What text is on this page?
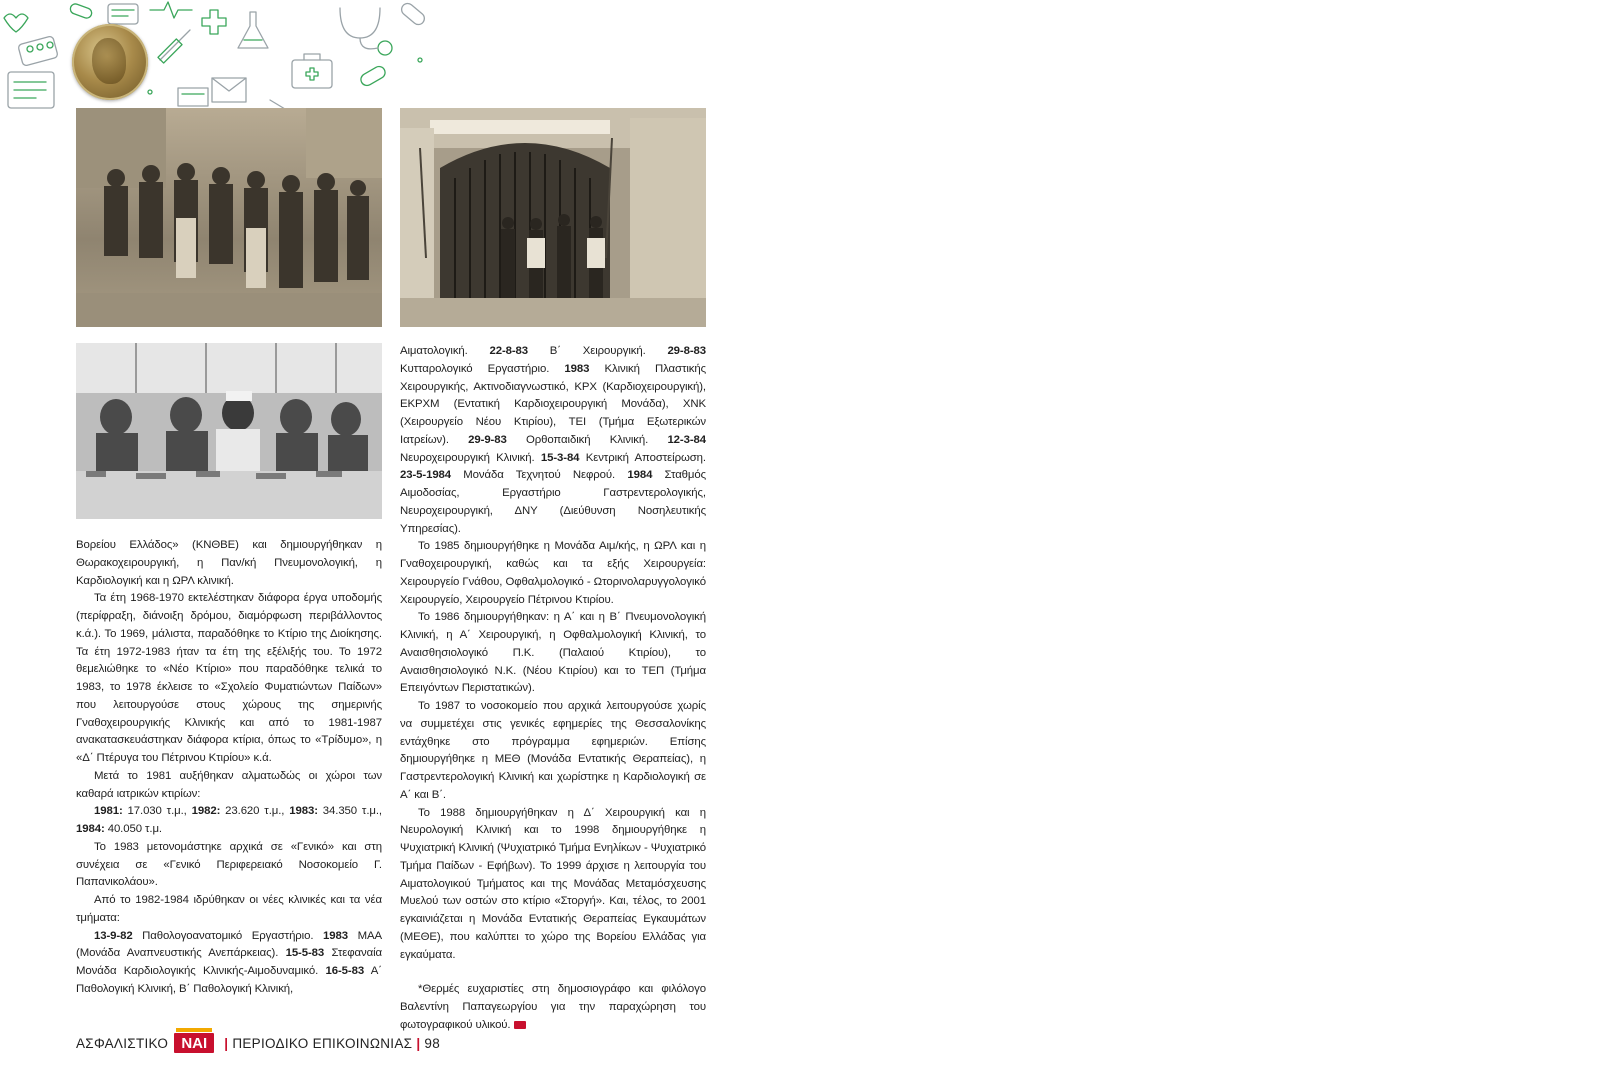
Βορείου Ελλάδος» (ΚΝΘΒΕ) και δημιουργήθηκαν η Θωρακοχειρουργική, η Παν/κή Πνευμονολογική, η Καρδιολογική και η ΩΡΛ κλινική.

Τα έτη 1968-1970 εκτελέστηκαν διάφορα έργα υποδομής (περίφραξη, διάνοιξη δρόμου, διαμόρφωση περιβάλλοντος κ.ά.). Το 1969, μάλιστα, παραδόθηκε το Κτίριο της Διοίκησης. Τα έτη 1972-1983 ήταν τα έτη της εξέλιξής του. Το 1972 θεμελιώθηκε το «Νέο Κτίριο» που παραδόθηκε τελικά το 1983, το 1978 έκλεισε το «Σχολείο Φυματιώντων Παίδων» που λειτουργούσε στους χώρους της σημερινής Γναθοχειρουργικής Κλινικής και από το 1981-1987 ανακατασκευάστηκαν διάφορα κτίρια, όπως το «Τρίδυμο», η «Δ΄ Πτέρυγα του Πέτρινου Κτιρίου» κ.ά.

Μετά το 1981 αυξήθηκαν αλματωδώς οι χώροι των καθαρά ιατρικών κτιρίων:

1981: 17.030 τ.μ., 1982: 23.620 τ.μ., 1983: 34.350 τ.μ., 1984: 40.050 τ.μ.

Το 1983 μετονομάστηκε αρχικά σε «Γενικό» και στη συνέχεια σε «Γενικό Περιφερειακό Νοσοκομείο Γ. Παπανικολάου».

Από το 1982-1984 ιδρύθηκαν οι νέες κλινικές και τα νέα τμήματα:

13-9-82 Παθολογοανατομικό Εργαστήριο. 1983 ΜΑΑ (Μονάδα Αναπνευστικής Ανεπάρκειας). 15-5-83 Στεφαναία Μονάδα Καρδιολογικής Κλινικής-Αιμοδυναμικό. 16-5-83 Α΄ Παθολογική Κλινική, Β΄ Παθολογική Κλινική,

Αιματολογική. 22-8-83 Β΄ Χειρουργική. 29-8-83 Κυτταρολογικό Εργαστήριο. 1983 Κλινική Πλαστικής Χειρουργικής, Ακτινοδιαγνωστικό, ΚΡΧ (Καρδιοχειρουργική), ΕΚΡΧΜ (Εντατική Καρδιοχειρουργική Μονάδα), ΧΝΚ (Χειρουργείο Νέου Κτιρίου), ΤΕΙ (Τμήμα Εξωτερικών Ιατρείων). 29-9-83 Ορθοπαιδική Κλινική. 12-3-84 Νευροχειρουργική Κλινική. 15-3-84 Κεντρική Αποστείρωση. 23-5-1984 Μονάδα Τεχνητού Νεφρού. 1984 Σταθμός Αιμοδοσίας, Εργαστήριο Γαστρεντερολογικής, Νευροχειρουργική, ΔΝΥ (Διεύθυνση Νοσηλευτικής Υπηρεσίας).

Το 1985 δημιουργήθηκε η Μονάδα Αιμ/κής, η ΩΡΛ και η Γναθοχειρουργική, καθώς και τα εξής Χειρουργεία: Χειρουργείο Γνάθου, Οφθαλμολογικό - Ωτορινολαρυγγολογικό Χειρουργείο, Χειρουργείο Πέτρινου Κτιρίου.

Το 1986 δημιουργήθηκαν: η Α΄ και η Β΄ Πνευμονολογική Κλινική, η Α΄ Χειρουργική, η Οφθαλμολογική Κλινική, το Αναισθησιολογικό Π.Κ. (Παλαιού Κτιρίου), το Αναισθησιολογικό Ν.Κ. (Νέου Κτιρίου) και το ΤΕΠ (Τμήμα Επειγόντων Περιστατικών).

Το 1987 το νοσοκομείο που αρχικά λειτουργούσε χωρίς να συμμετέχει στις γενικές εφημερίες της Θεσσαλονίκης εντάχθηκε στο πρόγραμμα εφημεριών. Επίσης δημιουργήθηκε η ΜΕΘ (Μονάδα Εντατικής Θεραπείας), η Γαστρεντερολογική Κλινική και χωρίστηκε η Καρδιολογική σε Α΄ και Β΄.

Το 1988 δημιουργήθηκαν η Δ΄ Χειρουργική και η Νευρολογική Κλινική και το 1998 δημιουργήθηκε η Ψυχιατρική Κλινική (Ψυχιατρικό Τμήμα Ενηλίκων - Ψυχιατρικό Τμήμα Παίδων - Εφήβων). Το 1999 άρχισε η λειτουργία του Αιματολογικού Τμήματος και της Μονάδας Μεταμόσχευσης Μυελού των οστών στο κτίριο «Στοργή». Και, τέλος, το 2001 εγκαινιάζεται η Μονάδα Εντατικής Θεραπείας Εγκαυμάτων (ΜΕΘΕ), που καλύπτει το χώρο της Βορείου Ελλάδας για εγκαύματα.

*Θερμές ευχαριστίες στη δημοσιογράφο και φιλόλογο Βαλεντίνη Παπαγεωργίου για την παραχώρηση του φωτογραφικού υλικού.

ΑΣΦΑΛΙΣΤΙΚΟ ΝΑΙ | ΠΕΡΙΟΔΙΚΟ ΕΠΙΚΟΙΝΩΝΙΑΣ | 98
